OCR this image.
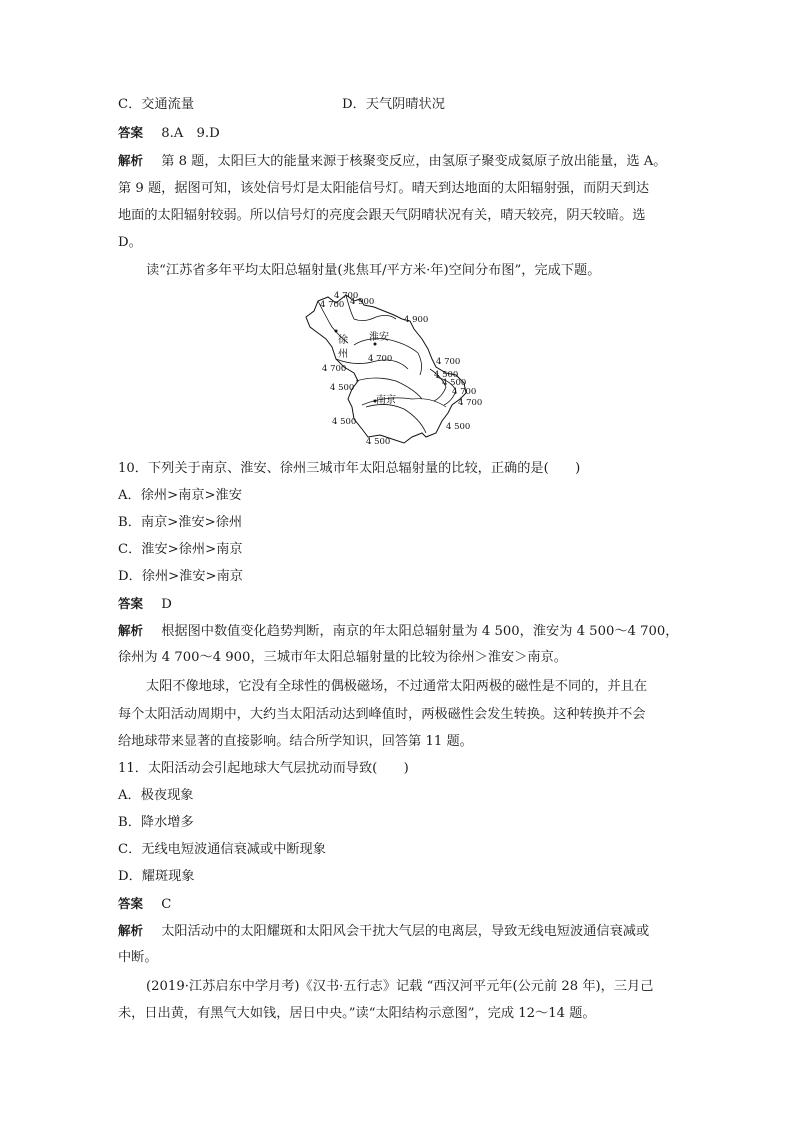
C．交通流量	D．天气阴晴状况
答案 8.A　9.D
解析 第 8 题，太阳巨大的能量来源于核聚变反应，由氢原子聚变成氦原子放出能量，选 A。
第 9 题，据图可知，该处信号灯是太阳能信号灯。晴天到达地面的太阳辐射强，而阴天到达
地面的太阳辐射较弱。所以信号灯的亮度会跟天气阴晴状况有关，晴天较亮，阴天较暗。选
D。
读“江苏省多年平均太阳总辐射量(兆焦耳/平方米·年)空间分布图”，完成下题。
淮安
徐
州
南京
4 700
4 700
4 900
4 900
4 700
4 700
4 500
4 700
4 500
4 500
4 700
4 700
4 500
4 500
4 500
10．下列关于南京、淮安、徐州三城市年太阳总辐射量的比较，正确的是(　　)
A．徐州>南京>淮安
B．南京>淮安>徐州
C．淮安>徐州>南京
D．徐州>淮安>南京
答案 D
解析 根据图中数值变化趋势判断，南京的年太阳总辐射量为 4 500，淮安为 4 500～4 700，
徐州为 4 700～4 900，三城市年太阳总辐射量的比较为徐州＞淮安＞南京。
太阳不像地球，它没有全球性的偶极磁场，不过通常太阳两极的磁性是不同的，并且在
每个太阳活动周期中，大约当太阳活动达到峰值时，两极磁性会发生转换。这种转换并不会
给地球带来显著的直接影响。结合所学知识，回答第 11 题。
11．太阳活动会引起地球大气层扰动而导致(　　)
A．极夜现象
B．降水增多
C．无线电短波通信衰减或中断现象
D．耀斑现象
答案 C
解析 太阳活动中的太阳耀斑和太阳风会干扰大气层的电离层，导致无线电短波通信衰减或
中断。
(2019·江苏启东中学月考)《汉书·五行志》记载 “西汉河平元年(公元前 28 年)，三月己
未，日出黄，有黑气大如钱，居日中央。”读“太阳结构示意图”，完成 12～14 题。
